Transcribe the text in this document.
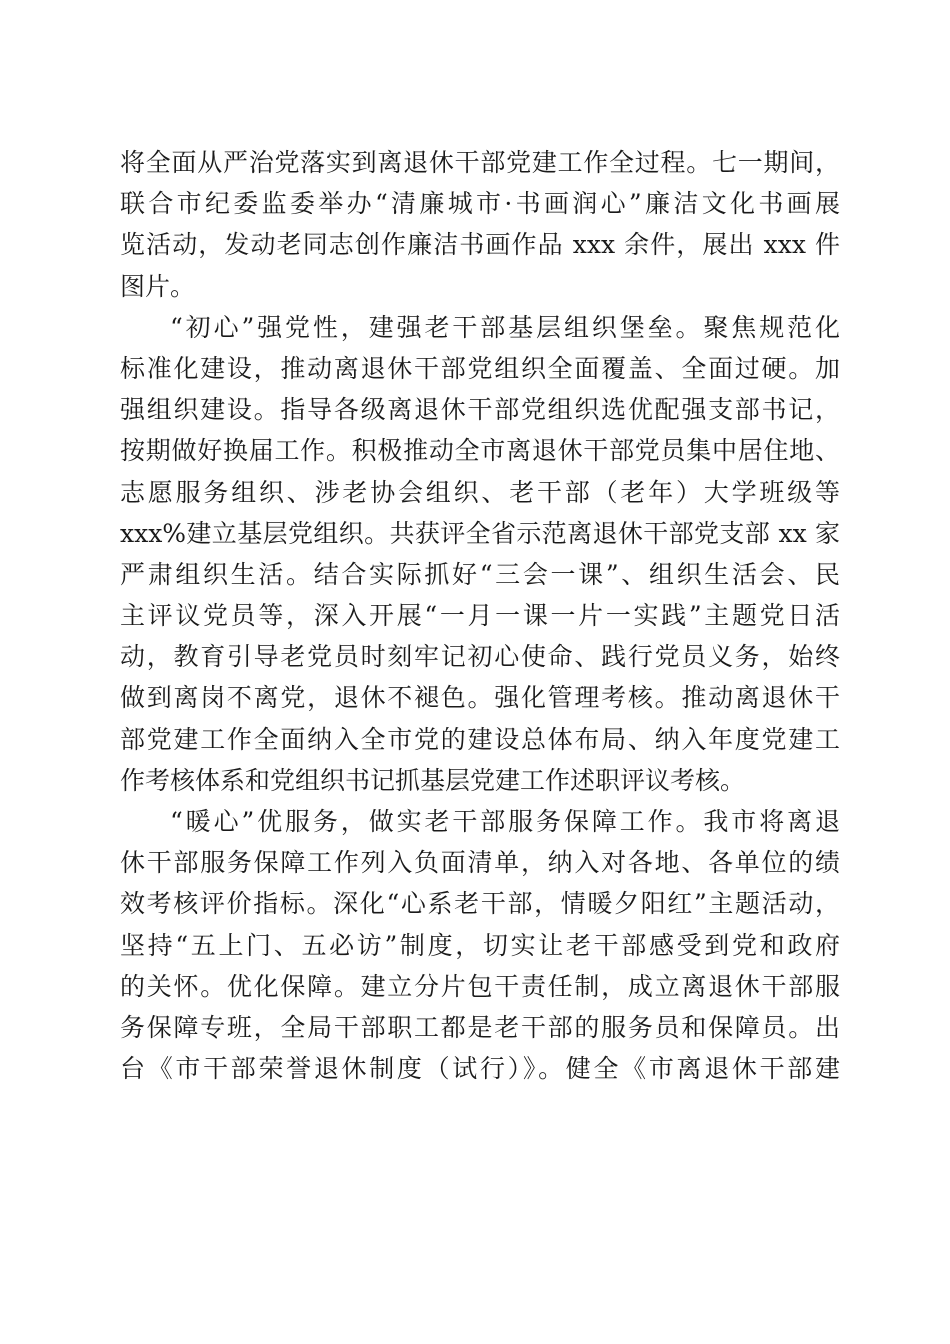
将全面从严治党落实到离退休干部党建工作全过程。七一期间，
联合市纪委监委举办“清廉城市·书画润心”廉洁文化书画展
览活动，发动老同志创作廉洁书画作品 xxx 余件，展出 xxx 件
图片。
“初心”强党性，建强老干部基层组织堡垒。聚焦规范化
标准化建设，推动离退休干部党组织全面覆盖、全面过硬。加
强组织建设。指导各级离退休干部党组织选优配强支部书记，
按期做好换届工作。积极推动全市离退休干部党员集中居住地、
志愿服务组织、涉老协会组织、老干部（老年）大学班级等
xxx%建立基层党组织。共获评全省示范离退休干部党支部 xx 家
严肃组织生活。结合实际抓好“三会一课”、组织生活会、民
主评议党员等，深入开展“一月一课一片一实践”主题党日活
动，教育引导老党员时刻牢记初心使命、践行党员义务，始终
做到离岗不离党，退休不褪色。强化管理考核。推动离退休干
部党建工作全面纳入全市党的建设总体布局、纳入年度党建工
作考核体系和党组织书记抓基层党建工作述职评议考核。
“暖心”优服务，做实老干部服务保障工作。我市将离退
休干部服务保障工作列入负面清单，纳入对各地、各单位的绩
效考核评价指标。深化“心系老干部，情暖夕阳红”主题活动，
坚持“五上门、五必访”制度，切实让老干部感受到党和政府
的关怀。优化保障。建立分片包干责任制，成立离退休干部服
务保障专班，全局干部职工都是老干部的服务员和保障员。出
台《市干部荣誉退休制度（试行）》。健全《市离退休干部建
